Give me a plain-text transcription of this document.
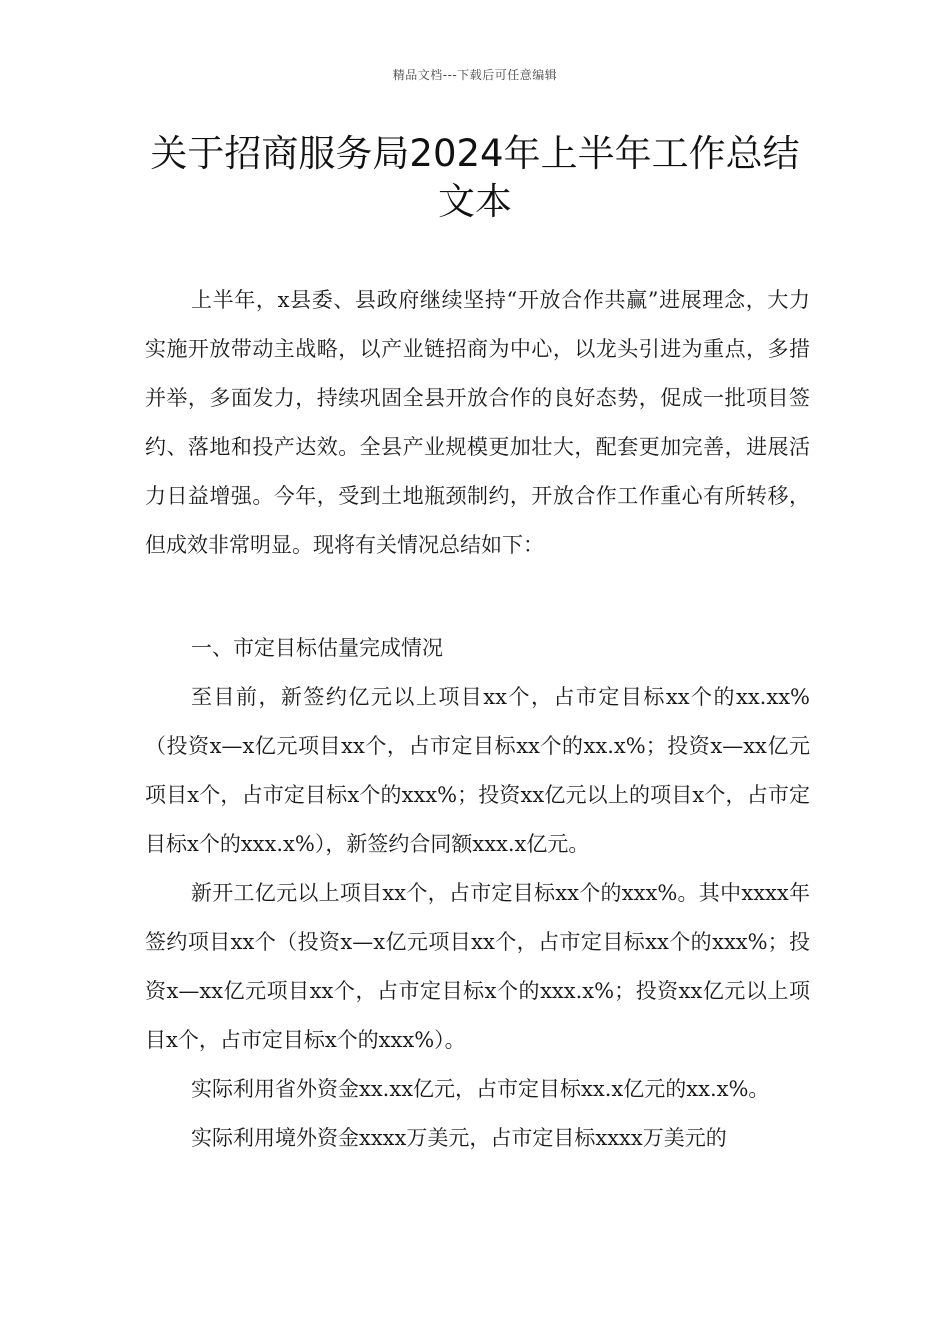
精品文档---下载后可任意编辑
关于招商服务局2024年上半年工作总结文本

上半年，x县委、县政府继续坚持“开放合作共赢”进展理念，大力实施开放带动主战略，以产业链招商为中心，以龙头引进为重点，多措并举，多面发力，持续巩固全县开放合作的良好态势，促成一批项目签约、落地和投产达效。全县产业规模更加壮大，配套更加完善，进展活力日益增强。今年，受到土地瓶颈制约，开放合作工作重心有所转移，但成效非常明显。现将有关情况总结如下：

一、市定目标估量完成情况

至目前，新签约亿元以上项目xx个，占市定目标xx个的xx.xx%（投资x—x亿元项目xx个，占市定目标xx个的xx.x%；投资x—xx亿元项目x个，占市定目标x个的xxx%；投资xx亿元以上的项目x个，占市定目标x个的xxx.x%），新签约合同额xxx.x亿元。

新开工亿元以上项目xx个，占市定目标xx个的xxx%。其中xxxx年签约项目xx个（投资x—x亿元项目xx个，占市定目标xx个的xxx%；投资x—xx亿元项目xx个，占市定目标x个的xxx.x%；投资xx亿元以上项目x个，占市定目标x个的xxx%）。

实际利用省外资金xx.xx亿元，占市定目标xx.x亿元的xx.x%。

实际利用境外资金xxxx万美元，占市定目标xxxx万美元的
